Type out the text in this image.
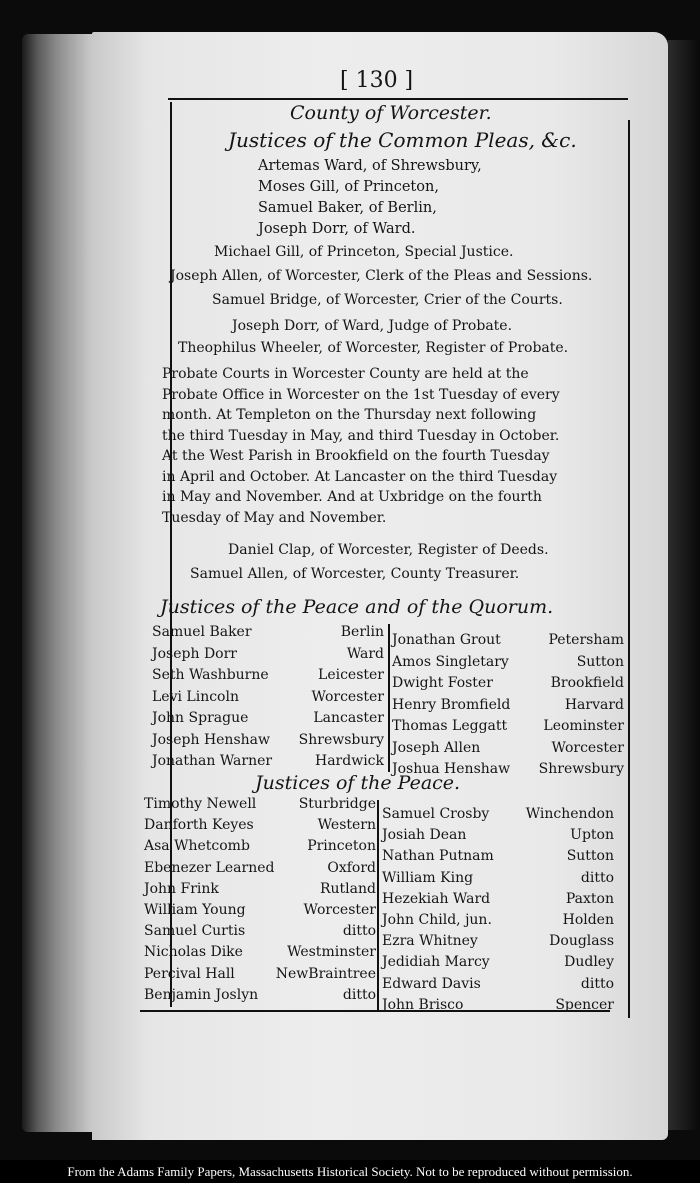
[ 130 ]
County of Worcester.
Justices of the Common Pleas, &c.
Artemas Ward, of Shrewsbury,
Moses Gill, of Princeton,
Samuel Baker, of Berlin,
Joseph Dorr, of Ward.
Michael Gill, of Princeton, Special Justice.
Joseph Allen, of Worcester, Clerk of the Pleas and Sessions.
Samuel Bridge, of Worcester, Crier of the Courts.
Joseph Dorr, of Ward, Judge of Probate.
Theophilus Wheeler, of Worcester, Register of Probate.
Probate Courts in Worcester County are held at the
Probate Office in Worcester on the 1st Tuesday of every
month. At Templeton on the Thursday next following
the third Tuesday in May, and third Tuesday in October.
At the West Parish in Brookfield on the fourth Tuesday
in April and October. At Lancaster on the third Tuesday
in May and November. And at Uxbridge on the fourth
Tuesday of May and November.
Daniel Clap, of Worcester, Register of Deeds.
Samuel Allen, of Worcester, County Treasurer.
Justices of the Peace and of the Quorum.
Samuel Baker	Berlin
Joseph Dorr	Ward
Seth Washburne	Leicester
Levi Lincoln	Worcester
John Sprague	Lancaster
Joseph Henshaw	Shrewsbury
Jonathan Warner	Hardwick
Jonathan Grout	Petersham
Amos Singletary	Sutton
Dwight Foster	Brookfield
Henry Bromfield	Harvard
Thomas Leggatt	Leominster
Joseph Allen	Worcester
Joshua Henshaw	Shrewsbury
Justices of the Peace.
Timothy Newell	Sturbridge
Danforth Keyes	Western
Asa Whetcomb	Princeton
Ebenezer Learned	Oxford
John Frink	Rutland
William Young	Worcester
Samuel Curtis	ditto
Nicholas Dike	Westminster
Percival Hall	NewBraintree
Benjamin Joslyn	ditto
Samuel Crosby	Winchendon
Josiah Dean	Upton
Nathan Putnam	Sutton
William King	ditto
Hezekiah Ward	Paxton
John Child, jun.	Holden
Ezra Whitney	Douglass
Jedidiah Marcy	Dudley
Edward Davis	ditto
John Brisco	Spencer
From the Adams Family Papers, Massachusetts Historical Society. Not to be reproduced without permission.
